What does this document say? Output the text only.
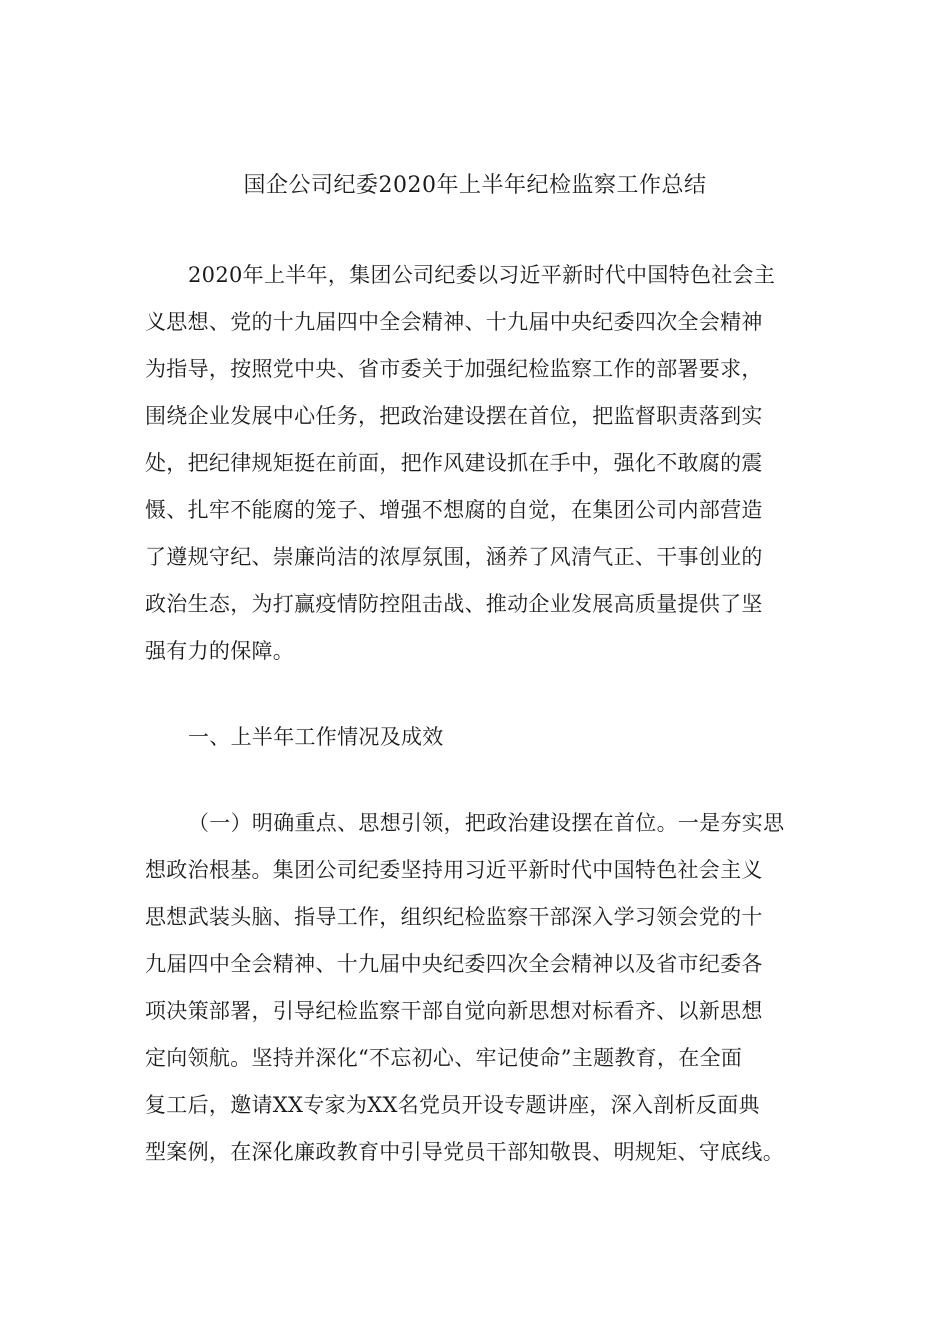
国企公司纪委2020年上半年纪检监察工作总结
2020年上半年，集团公司纪委以习近平新时代中国特色社会主
义思想、党的十九届四中全会精神、十九届中央纪委四次全会精神
为指导，按照党中央、省市委关于加强纪检监察工作的部署要求，
围绕企业发展中心任务，把政治建设摆在首位，把监督职责落到实
处，把纪律规矩挺在前面，把作风建设抓在手中，强化不敢腐的震
慑、扎牢不能腐的笼子、增强不想腐的自觉，在集团公司内部营造
了遵规守纪、崇廉尚洁的浓厚氛围，涵养了风清气正、干事创业的
政治生态，为打赢疫情防控阻击战、推动企业发展高质量提供了坚
强有力的保障。
一、上半年工作情况及成效
（一）明确重点、思想引领，把政治建设摆在首位。一是夯实思
想政治根基。集团公司纪委坚持用习近平新时代中国特色社会主义
思想武装头脑、指导工作，组织纪检监察干部深入学习领会党的十
九届四中全会精神、十九届中央纪委四次全会精神以及省市纪委各
项决策部署，引导纪检监察干部自觉向新思想对标看齐、以新思想
定向领航。坚持并深化“不忘初心、牢记使命”主题教育，在全面
复工后，邀请XX专家为XX名党员开设专题讲座，深入剖析反面典
型案例，在深化廉政教育中引导党员干部知敬畏、明规矩、守底线。
